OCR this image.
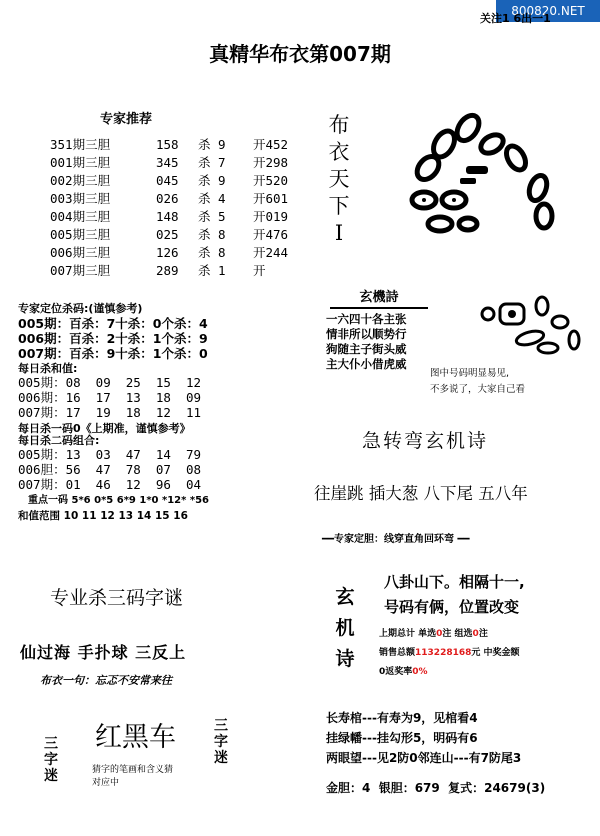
800820.NET
关注1 6出一1
真精华布衣第007期
专家推荐
351期三胆	158	杀 9	开452
001期三胆	345	杀 7	开298
002期三胆	045	杀 9	开520
003期三胆	026	杀 4	开601
004期三胆	148	杀 5	开019
005期三胆	025	杀 8	开476
006期三胆	126	杀 8	开244
007期三胆	289	杀 1	开
专家定位杀码:(谨慎参考)
005期：百杀：7十杀：0个杀：4
006期：百杀：2十杀：1个杀：9
007期：百杀：9十杀：1个杀：0
每日杀和值:
005期：08  09  25  15  12
006期：16  17  13  18  09
007期：17  19  18  12  11
每日杀一码0《上期准，谨慎参考》
每日杀二码组合:
005期：13  03  47  14  79
006胆：56  47  78  07  08
007期：01  46  12  96  04
重点一码 5*6 0*5 6*9 1*0 *12* *56
和值范围 10 11 12 13 14 15 16
专业杀三码字谜
仙过海 手扑球 三反上
布衣一句：忘忑不安常来往
三
字
迷
红黑车	三
字
迷
猜字的笔画和含义猜
对应中
布
衣
天
下
I
玄機詩
一六四十各主张
情非所以顺势行
狗随主子街头威
主大仆小借虎威
图中号码明显易见,
不多说了，大家自己看
急转弯玄机诗
往崖跳 插大葱 八下尾 五八年
━━专家定胆：线穿直角回环弯 ━━
玄
机
诗
八卦山下。相隔十一,
号码有俩，位置改变
上期总计 单选0注 组选0注
销售总额113228168元 中奖金额
0返奖率0%
长寿棺---有寿为9，见棺看4
挂绿幡---挂勾形5，明码有6
两眼望---见2防0邻连山---有7防尾3
金胆：4  银胆：679  复式：24679(3)
